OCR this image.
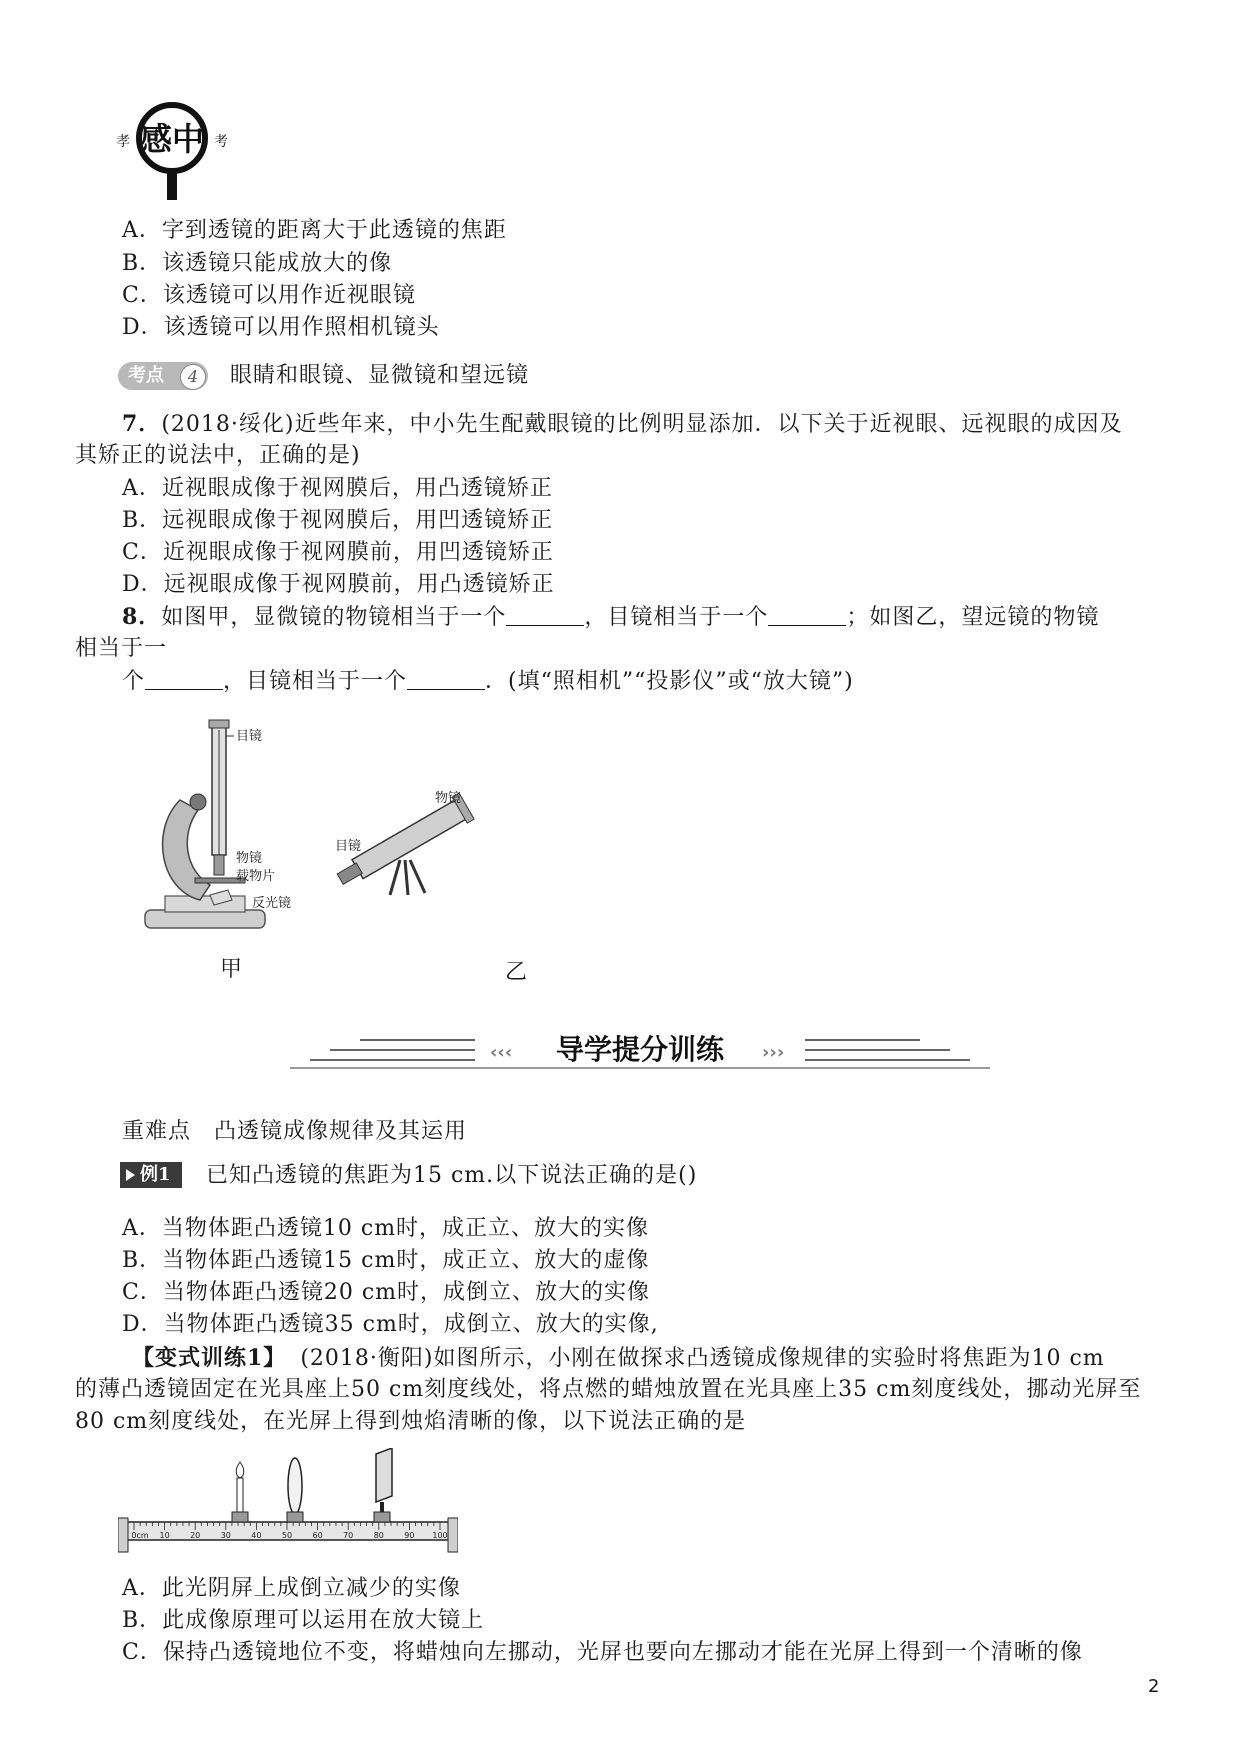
感中
孝	考
A．字到透镜的距离大于此透镜的焦距
B．该透镜只能成放大的像
C．该透镜可以用作近视眼镜
D．该透镜可以用作照相机镜头
考点	4	眼睛和眼镜、显微镜和望远镜
7．(2018·绥化)近些年来，中小先生配戴眼镜的比例明显添加．以下关于近视眼、远视眼的成因及
其矫正的说法中，正确的是)
A．近视眼成像于视网膜后，用凸透镜矫正
B．远视眼成像于视网膜后，用凹透镜矫正
C．近视眼成像于视网膜前，用凹透镜矫正
D．远视眼成像于视网膜前，用凸透镜矫正
8．如图甲，显微镜的物镜相当于一个	，目镜相当于一个	；如图乙，望远镜的物镜
相当于一
个	，目镜相当于一个	．(填“照相机”“投影仪”或“放大镜”)
目镜
物镜
载物片
反光镜
物镜
目镜
甲	乙
‹‹‹	›››
导学提分训练
重难点　凸透镜成像规律及其运用
例1 已知凸透镜的焦距为15 cm.以下说法正确的是()
A．当物体距凸透镜10 cm时，成正立、放大的实像
B．当物体距凸透镜15 cm时，成正立、放大的虚像
C．当物体距凸透镜20 cm时，成倒立、放大的实像
D．当物体距凸透镜35 cm时，成倒立、放大的实像,
【变式训练1】 (2018·衡阳)如图所示，小刚在做探求凸透镜成像规律的实验时将焦距为10 cm
的薄凸透镜固定在光具座上50 cm刻度线处，将点燃的蜡烛放置在光具座上35 cm刻度线处，挪动光屏至
80 cm刻度线处，在光屏上得到烛焰清晰的像，以下说法正确的是
0cm 10	20	30	40	50	60	70	80	90 100
A．此光阴屏上成倒立减少的实像
B．此成像原理可以运用在放大镜上
C．保持凸透镜地位不变，将蜡烛向左挪动，光屏也要向左挪动才能在光屏上得到一个清晰的像
2
